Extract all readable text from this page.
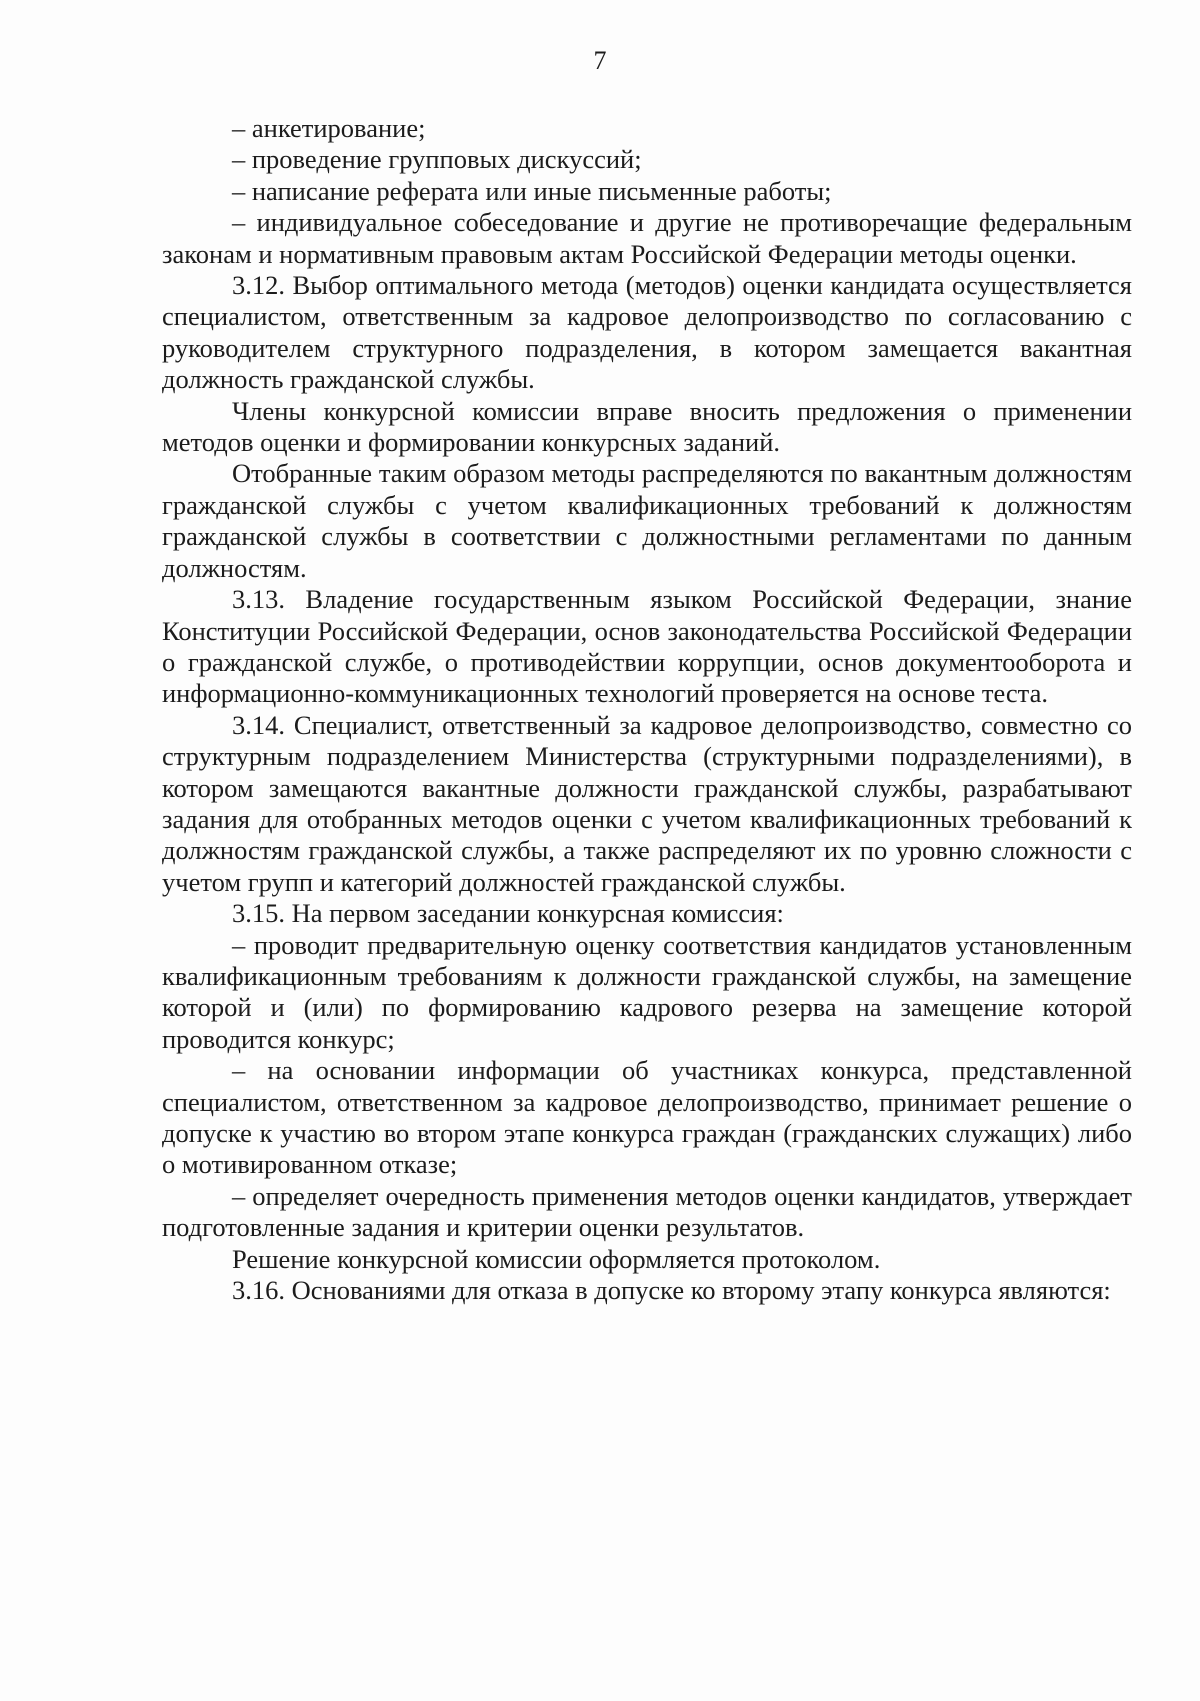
7

– анкетирование;

– проведение групповых дискуссий;

– написание реферата или иные письменные работы;

– индивидуальное собеседование и другие не противоречащие федеральным законам и нормативным правовым актам Российской Федерации методы оценки.

3.12. Выбор оптимального метода (методов) оценки кандидата осуществляется специалистом, ответственным за кадровое делопроизводство по согласованию с руководителем структурного подразделения, в котором замещается вакантная должность гражданской службы.

Члены конкурсной комиссии вправе вносить предложения о применении методов оценки и формировании конкурсных заданий.

Отобранные таким образом методы распределяются по вакантным должностям гражданской службы с учетом квалификационных требований к должностям гражданской службы в соответствии с должностными регламентами по данным должностям.

3.13. Владение государственным языком Российской Федерации, знание Конституции Российской Федерации, основ законодательства Российской Федерации о гражданской службе, о противодействии коррупции, основ документооборота и информационно-коммуникационных технологий проверяется на основе теста.

3.14. Специалист, ответственный за кадровое делопроизводство, совместно со структурным подразделением Министерства (структурными подразделениями), в котором замещаются вакантные должности гражданской службы, разрабатывают задания для отобранных методов оценки с учетом квалификационных требований к должностям гражданской службы, а также распределяют их по уровню сложности с учетом групп и категорий должностей гражданской службы.

3.15. На первом заседании конкурсная комиссия:

– проводит предварительную оценку соответствия кандидатов установленным квалификационным требованиям к должности гражданской службы, на замещение которой и (или) по формированию кадрового резерва на замещение которой проводится конкурс;

– на основании информации об участниках конкурса, представленной специалистом, ответственном за кадровое делопроизводство, принимает решение о допуске к участию во втором этапе конкурса граждан (гражданских служащих) либо о мотивированном отказе;

– определяет очередность применения методов оценки кандидатов, утверждает подготовленные задания и критерии оценки результатов.

Решение конкурсной комиссии оформляется протоколом.

3.16. Основаниями для отказа в допуске ко второму этапу конкурса являются:
